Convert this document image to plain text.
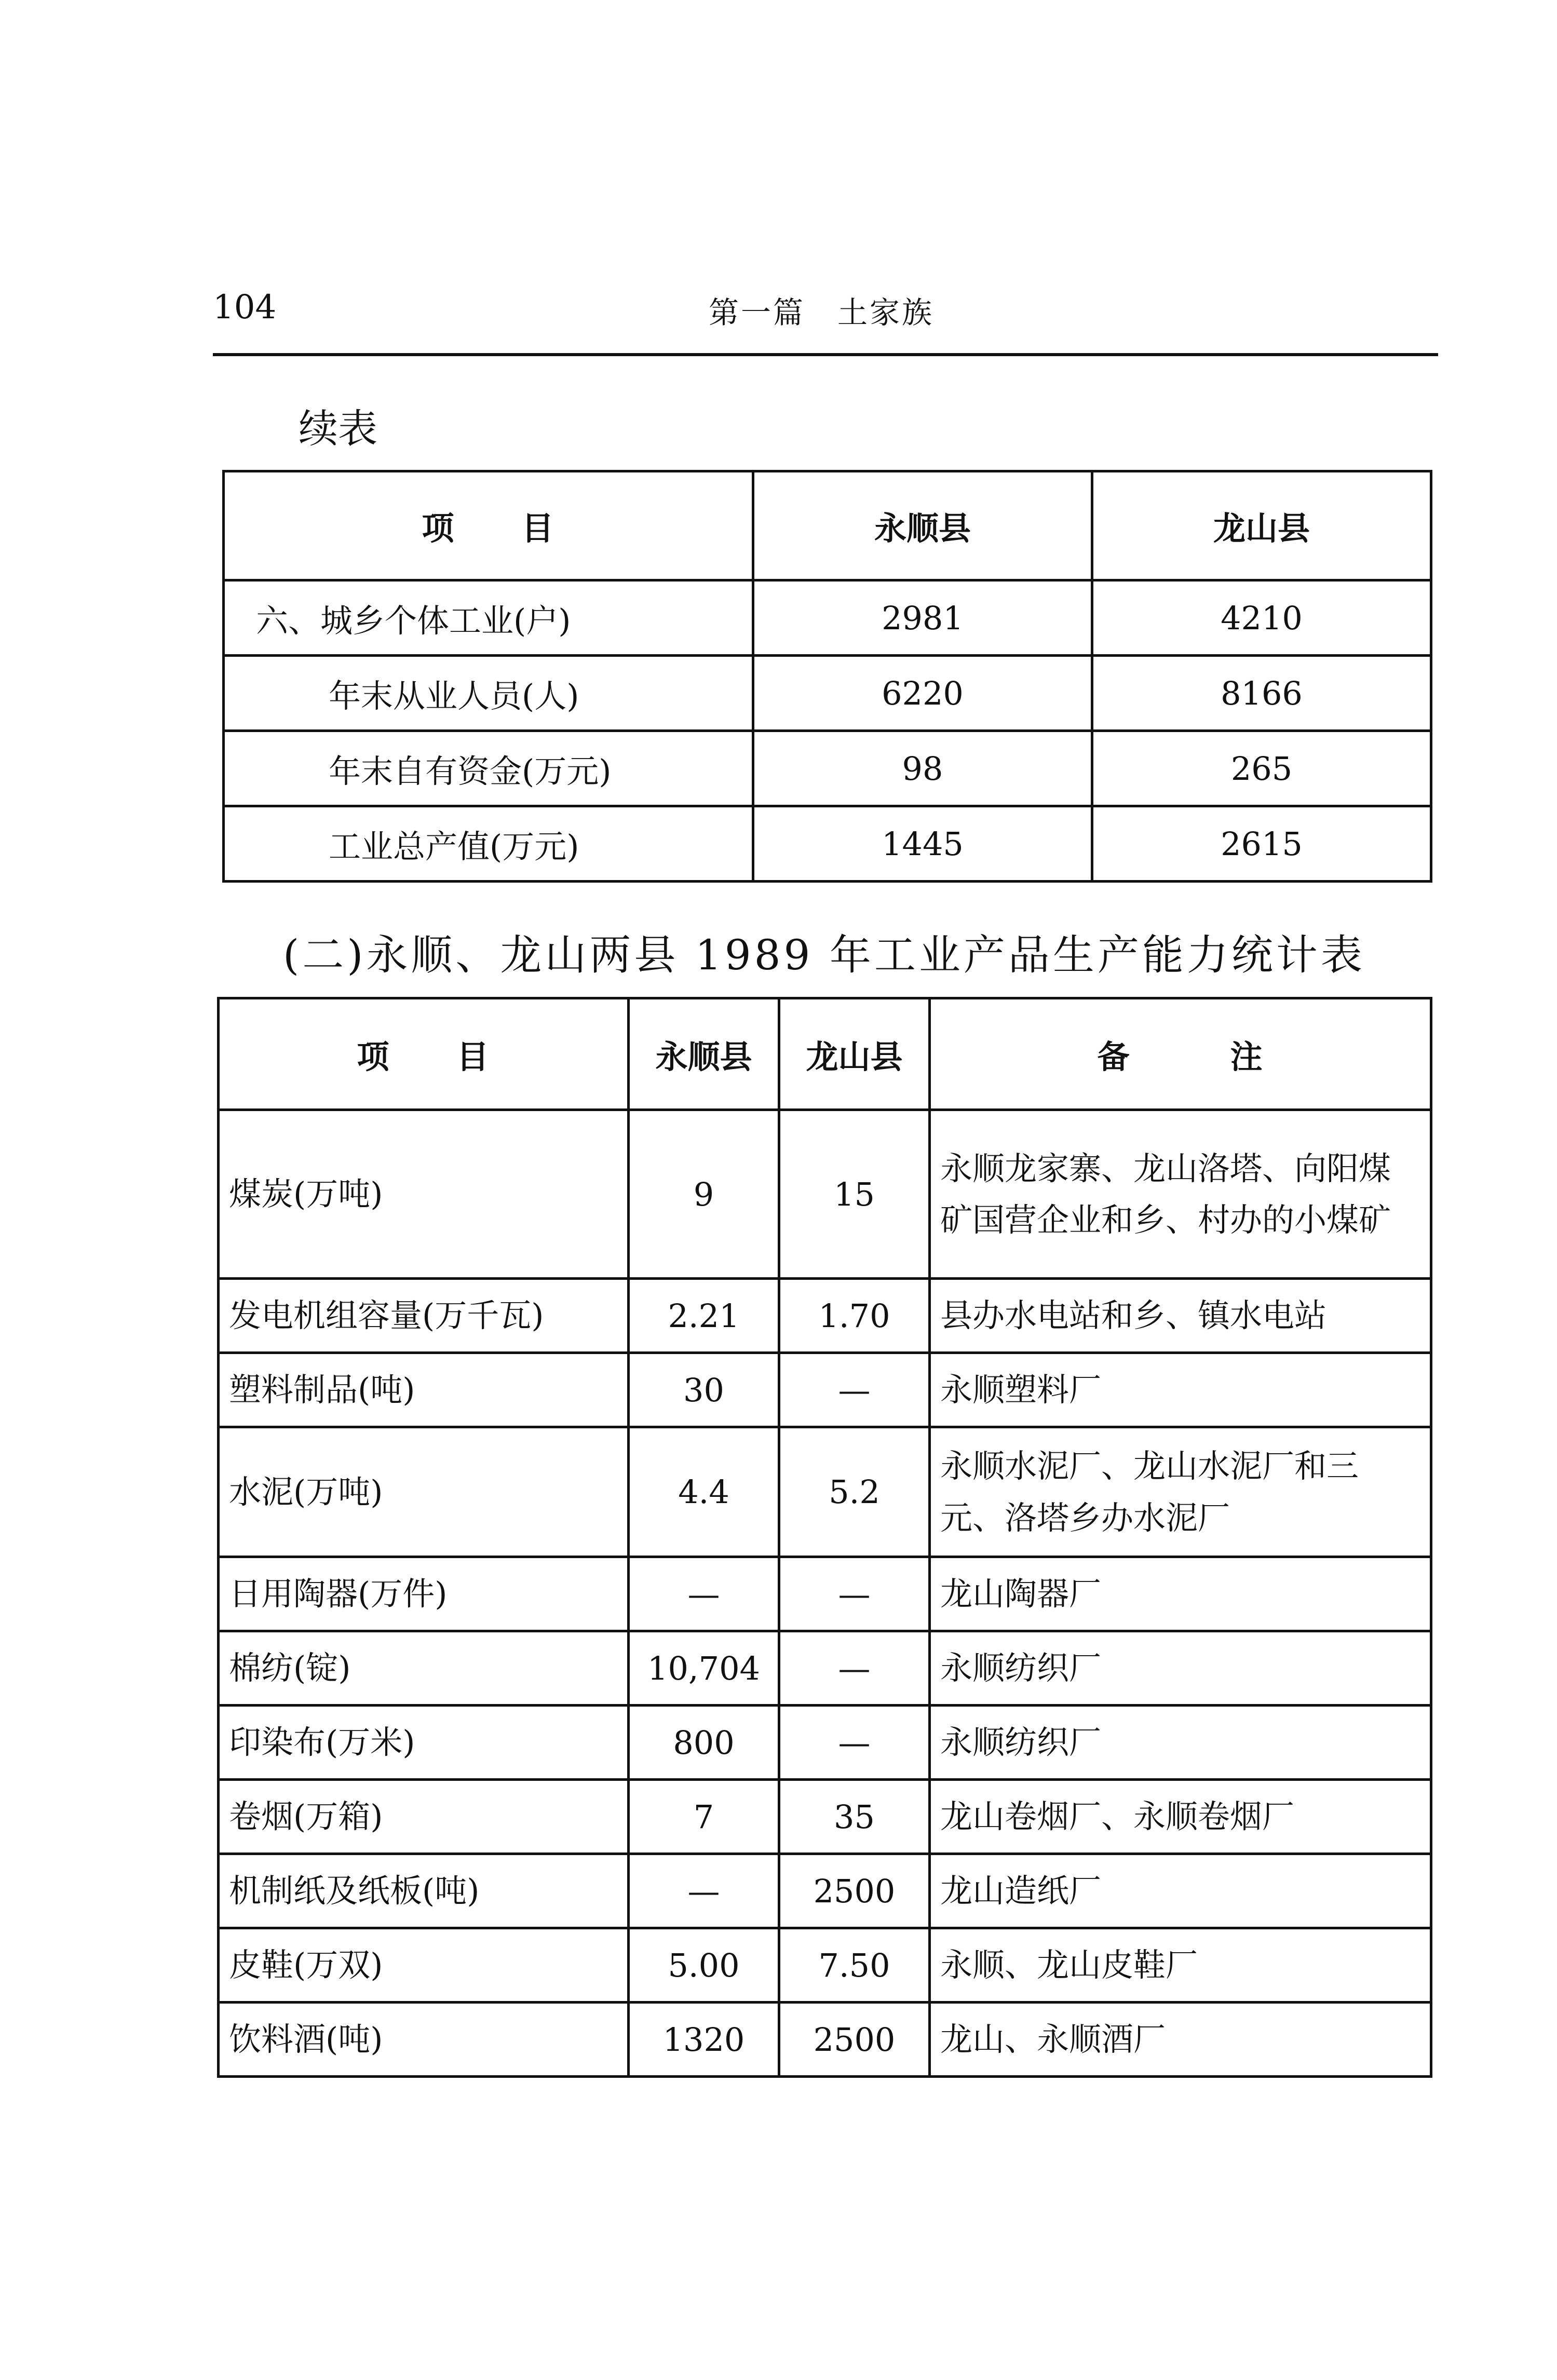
104	第一篇　土家族
续表
项　　目	永顺县	龙山县
六、城乡个体工业(户)	2981	4210
年末从业人员(人)	6220	8166
年末自有资金(万元)	98	265
工业总产值(万元)	1445	2615
(二)永顺、龙山两县 1989 年工业产品生产能力统计表
项　　目	永顺县	龙山县	备　　　注
煤炭(万吨)	9	15	永顺龙家寨、龙山洛塔、向阳煤矿国营企业和乡、村办的小煤矿
发电机组容量(万千瓦)	2.21	1.70	县办水电站和乡、镇水电站
塑料制品(吨)	30	—	永顺塑料厂
水泥(万吨)	4.4	5.2	永顺水泥厂、龙山水泥厂和三元、洛塔乡办水泥厂
日用陶器(万件)	—	—	龙山陶器厂
棉纺(锭)	10,704	—	永顺纺织厂
印染布(万米)	800	—	永顺纺织厂
卷烟(万箱)	7	35	龙山卷烟厂、永顺卷烟厂
机制纸及纸板(吨)	—	2500	龙山造纸厂
皮鞋(万双)	5.00	7.50	永顺、龙山皮鞋厂
饮料酒(吨)	1320	2500	龙山、永顺酒厂
